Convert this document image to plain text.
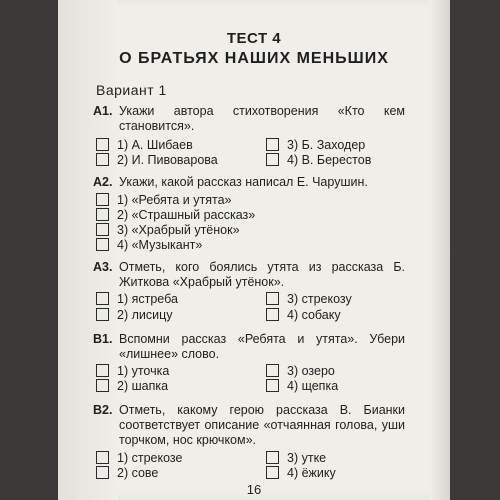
ТЕСТ 4
О БРАТЬЯХ НАШИХ МЕНЬШИХ
Вариант 1
А1. Укажи автора стихотворения «Кто кем становится».
1) А. Шибаев	3) Б. Заходер
2) И. Пивоварова	4) В. Берестов
А2. Укажи, какой рассказ написал Е. Чарушин.
1) «Ребята и утята»
2) «Страшный рассказ»
3) «Храбрый утёнок»
4) «Музыкант»
А3. Отметь, кого боялись утята из рассказа Б. Житкова «Храбрый утёнок».
1) ястреба	3) стрекозу
2) лисицу	4) собаку
В1. Вспомни рассказ «Ребята и утята». Убери «лишнее» слово.
1) уточка	3) озеро
2) шапка	4) щепка
В2. Отметь, какому герою рассказа В. Бианки соответствует описание «отчаянная голова, уши торчком, нос крючком».
1) стрекозе	3) утке
2) сове	4) ёжику
16
